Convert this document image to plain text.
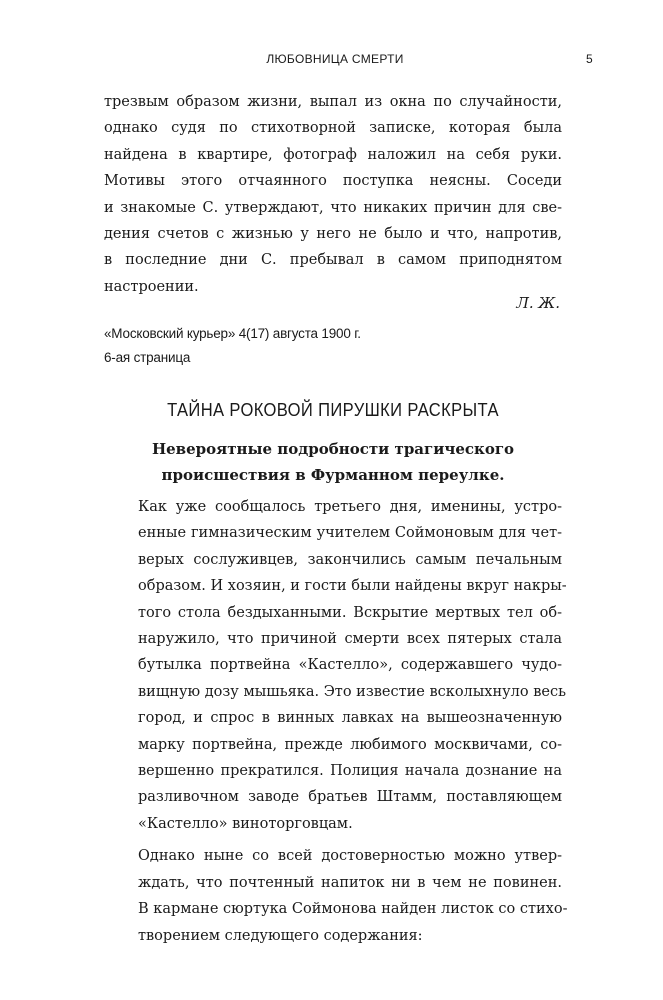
ЛЮБОВНИЦА СМЕРТИ	5

трезвым образом жизни, выпал из окна по случайности,
однако судя по стихотворной записке, которая была
найдена в квартире, фотограф наложил на себя руки.
Мотивы этого отчаянного поступка неясны. Соседи
и знакомые С. утверждают, что никаких причин для све-
дения счетов с жизнью у него не было и что, напротив,
в последние дни С. пребывал в самом приподнятом
настроении.

Л. Ж.
«Московский курьер» 4(17) августа 1900 г.
6-ая страница
ТАЙНА РОКОВОЙ ПИРУШКИ РАСКРЫТА
Невероятные подробности трагического
происшествия в Фурманном переулке.

Как уже сообщалось третьего дня, именины, устро-
енные гимназическим учителем Соймоновым для чет-
верых сослуживцев, закончились самым печальным
образом. И хозяин, и гости были найдены вкруг накры-
того стола бездыханными. Вскрытие мертвых тел об-
наружило, что причиной смерти всех пятерых стала
бутылка портвейна «Кастелло», содержавшего чудо-
вищную дозу мышьяка. Это известие всколыхнуло весь
город, и спрос в винных лавках на вышеозначенную
марку портвейна, прежде любимого москвичами, со-
вершенно прекратился. Полиция начала дознание на
разливочном заводе братьев Штамм, поставляющем
«Кастелло» виноторговцам.

Однако ныне со всей достоверностью можно утвер-
ждать, что почтенный напиток ни в чем не повинен.
В кармане сюртука Соймонова найден листок со стихо-
творением следующего содержания:
